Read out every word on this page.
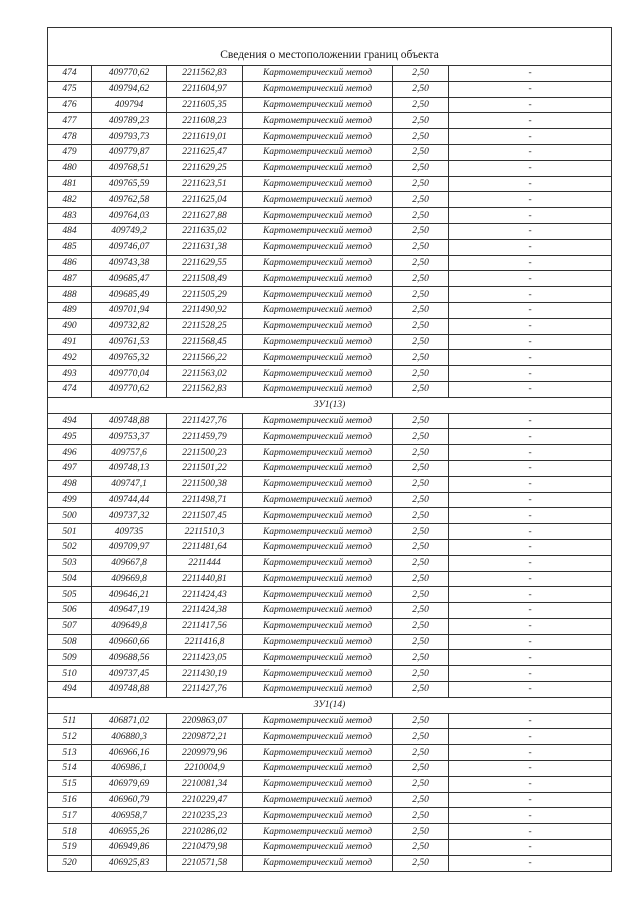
Сведения о местоположении границ объекта					
474	409770,62	2211562,83	Картометрический метод	2,50	-
475	409794,62	2211604,97	Картометрический метод	2,50	-
476	409794	2211605,35	Картометрический метод	2,50	-
477	409789,23	2211608,23	Картометрический метод	2,50	-
478	409793,73	2211619,01	Картометрический метод	2,50	-
479	409779,87	2211625,47	Картометрический метод	2,50	-
480	409768,51	2211629,25	Картометрический метод	2,50	-
481	409765,59	2211623,51	Картометрический метод	2,50	-
482	409762,58	2211625,04	Картометрический метод	2,50	-
483	409764,03	2211627,88	Картометрический метод	2,50	-
484	409749,2	2211635,02	Картометрический метод	2,50	-
485	409746,07	2211631,38	Картометрический метод	2,50	-
486	409743,38	2211629,55	Картометрический метод	2,50	-
487	409685,47	2211508,49	Картометрический метод	2,50	-
488	409685,49	2211505,29	Картометрический метод	2,50	-
489	409701,94	2211490,92	Картометрический метод	2,50	-
490	409732,82	2211528,25	Картометрический метод	2,50	-
491	409761,53	2211568,45	Картометрический метод	2,50	-
492	409765,32	2211566,22	Картометрический метод	2,50	-
493	409770,04	2211563,02	Картометрический метод	2,50	-
474	409770,62	2211562,83	Картометрический метод	2,50	-
ЗУ1(13)					
494	409748,88	2211427,76	Картометрический метод	2,50	-
495	409753,37	2211459,79	Картометрический метод	2,50	-
496	409757,6	2211500,23	Картометрический метод	2,50	-
497	409748,13	2211501,22	Картометрический метод	2,50	-
498	409747,1	2211500,38	Картометрический метод	2,50	-
499	409744,44	2211498,71	Картометрический метод	2,50	-
500	409737,32	2211507,45	Картометрический метод	2,50	-
501	409735	2211510,3	Картометрический метод	2,50	-
502	409709,97	2211481,64	Картометрический метод	2,50	-
503	409667,8	2211444	Картометрический метод	2,50	-
504	409669,8	2211440,81	Картометрический метод	2,50	-
505	409646,21	2211424,43	Картометрический метод	2,50	-
506	409647,19	2211424,38	Картометрический метод	2,50	-
507	409649,8	2211417,56	Картометрический метод	2,50	-
508	409660,66	2211416,8	Картометрический метод	2,50	-
509	409688,56	2211423,05	Картометрический метод	2,50	-
510	409737,45	2211430,19	Картометрический метод	2,50	-
494	409748,88	2211427,76	Картометрический метод	2,50	-
ЗУ1(14)					
511	406871,02	2209863,07	Картометрический метод	2,50	-
512	406880,3	2209872,21	Картометрический метод	2,50	-
513	406966,16	2209979,96	Картометрический метод	2,50	-
514	406986,1	2210004,9	Картометрический метод	2,50	-
515	406979,69	2210081,34	Картометрический метод	2,50	-
516	406960,79	2210229,47	Картометрический метод	2,50	-
517	406958,7	2210235,23	Картометрический метод	2,50	-
518	406955,26	2210286,02	Картометрический метод	2,50	-
519	406949,86	2210479,98	Картометрический метод	2,50	-
520	406925,83	2210571,58	Картометрический метод	2,50	-
